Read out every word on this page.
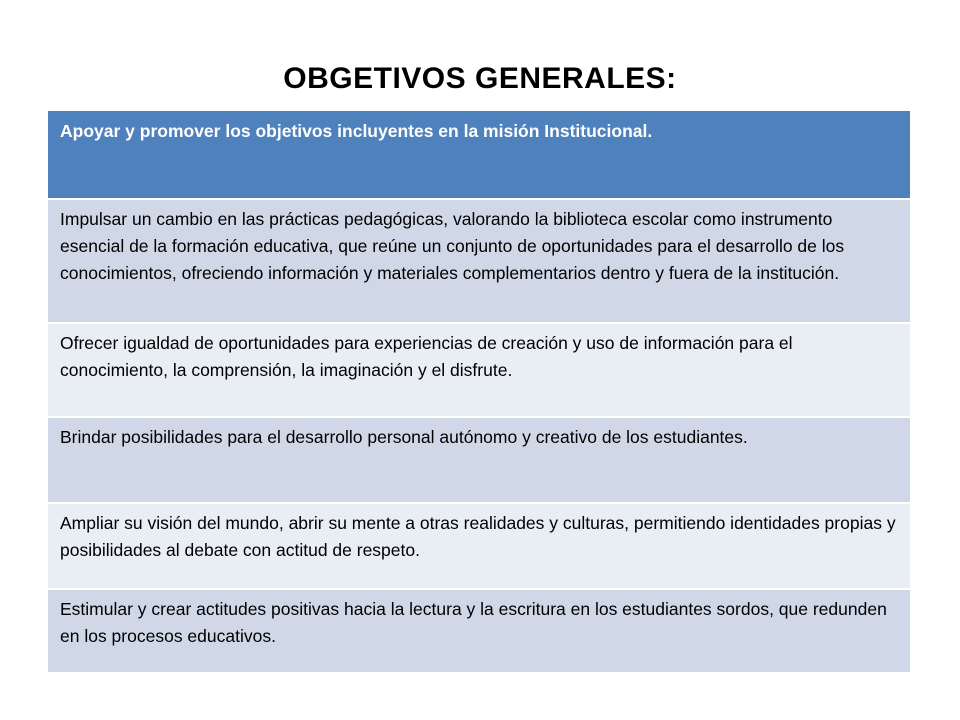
OBGETIVOS GENERALES:
Apoyar y promover los objetivos incluyentes en la misión Institucional.
Impulsar un cambio en las prácticas pedagógicas, valorando la biblioteca escolar como instrumento esencial de la formación educativa, que reúne un conjunto de oportunidades para el desarrollo de los conocimientos, ofreciendo información y materiales complementarios dentro y fuera de la institución.
Ofrecer igualdad de oportunidades para experiencias de creación y uso de información para el conocimiento, la comprensión, la imaginación y el disfrute.
Brindar posibilidades para el desarrollo personal autónomo y creativo de los estudiantes.
Ampliar su visión del mundo, abrir su mente a otras realidades y culturas, permitiendo identidades propias y posibilidades al debate con actitud de respeto.
Estimular y crear actitudes positivas hacia la lectura y la escritura en los estudiantes sordos, que redunden en los procesos educativos.
